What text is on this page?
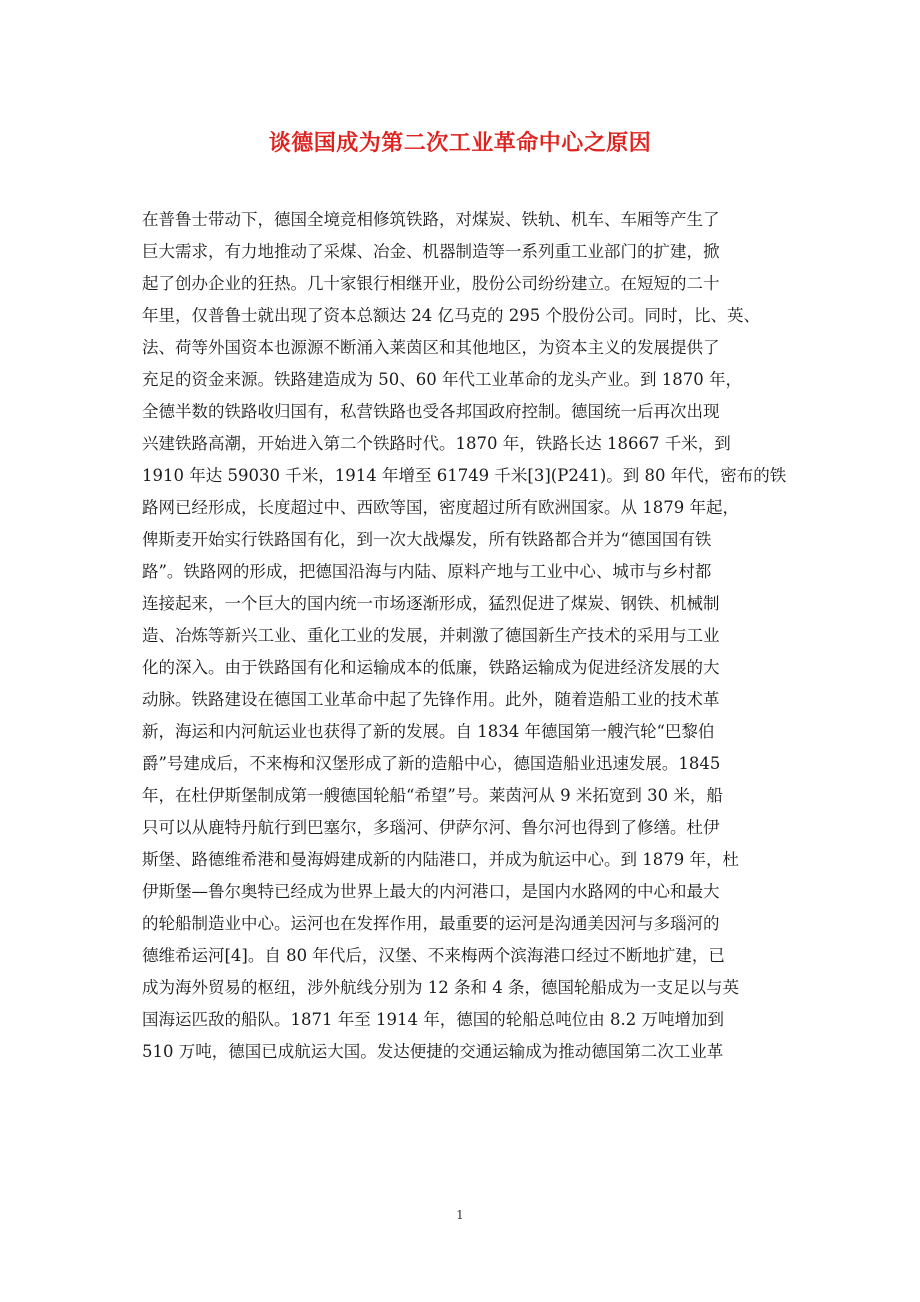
谈德国成为第二次工业革命中心之原因
在普鲁士带动下，德国全境竞相修筑铁路，对煤炭、铁轨、机车、车厢等产生了
巨大需求，有力地推动了采煤、冶金、机器制造等一系列重工业部门的扩建，掀
起了创办企业的狂热。几十家银行相继开业，股份公司纷纷建立。在短短的二十
年里，仅普鲁士就出现了资本总额达 24 亿马克的 295 个股份公司。同时，比、英、
法、荷等外国资本也源源不断涌入莱茵区和其他地区，为资本主义的发展提供了
充足的资金来源。铁路建造成为 50、60 年代工业革命的龙头产业。到 1870 年，
全德半数的铁路收归国有，私营铁路也受各邦国政府控制。德国统一后再次出现
兴建铁路高潮，开始进入第二个铁路时代。1870 年，铁路长达 18667 千米，到
1910 年达 59030 千米，1914 年增至 61749 千米[3](P241)。到 80 年代，密布的铁
路网已经形成，长度超过中、西欧等国，密度超过所有欧洲国家。从 1879 年起，
俾斯麦开始实行铁路国有化，到一次大战爆发，所有铁路都合并为“德国国有铁
路”。铁路网的形成，把德国沿海与内陆、原料产地与工业中心、城市与乡村都
连接起来，一个巨大的国内统一市场逐渐形成，猛烈促进了煤炭、钢铁、机械制
造、冶炼等新兴工业、重化工业的发展，并刺激了德国新生产技术的采用与工业
化的深入。由于铁路国有化和运输成本的低廉，铁路运输成为促进经济发展的大
动脉。铁路建设在德国工业革命中起了先锋作用。此外，随着造船工业的技术革
新，海运和内河航运业也获得了新的发展。自 1834 年德国第一艘汽轮“巴黎伯
爵”号建成后，不来梅和汉堡形成了新的造船中心，德国造船业迅速发展。1845
年，在杜伊斯堡制成第一艘德国轮船“希望”号。莱茵河从 9 米拓宽到 30 米，船
只可以从鹿特丹航行到巴塞尔，多瑙河、伊萨尔河、鲁尔河也得到了修缮。杜伊
斯堡、路德维希港和曼海姆建成新的内陆港口，并成为航运中心。到 1879 年，杜
伊斯堡—鲁尔奥特已经成为世界上最大的内河港口，是国内水路网的中心和最大
的轮船制造业中心。运河也在发挥作用，最重要的运河是沟通美因河与多瑙河的
德维希运河[4]。自 80 年代后，汉堡、不来梅两个滨海港口经过不断地扩建，已
成为海外贸易的枢纽，涉外航线分别为 12 条和 4 条，德国轮船成为一支足以与英
国海运匹敌的船队。1871 年至 1914 年，德国的轮船总吨位由 8.2 万吨增加到
510 万吨，德国已成航运大国。发达便捷的交通运输成为推动德国第二次工业革
1
